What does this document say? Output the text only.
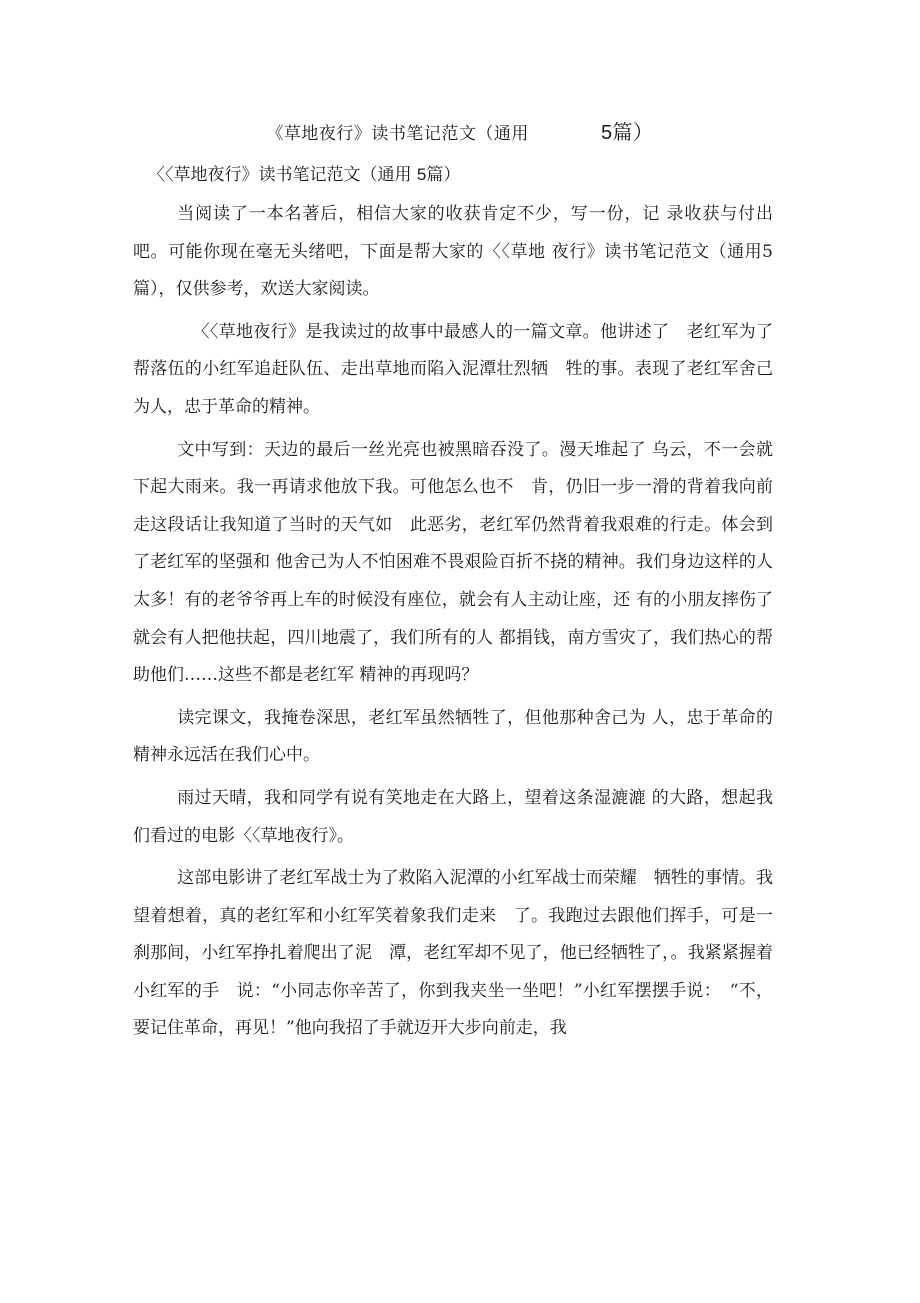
《草地夜行》读书笔记范文（通用	5篇）
〈〈草地夜行》读书笔记范文（通用 5篇）

当阅读了一本名著后，相信大家的收获肯定不少，写一份，记 录收获与付出吧。可能你现在毫无头绪吧，下面是帮大家的〈〈草地 夜行》读书笔记范文（通用5篇），仅供参考，欢送大家阅读。

〈〈草地夜行》是我读过的故事中最感人的一篇文章。他讲述了　老红军为了帮落伍的小红军追赶队伍、走出草地而陷入泥潭壮烈牺　牲的事。表现了老红军舍己为人，忠于革命的精神。

文中写到：天边的最后一丝光亮也被黑暗吞没了。漫天堆起了 乌云，不一会就下起大雨来。我一再请求他放下我。可他怎么也不　肯，仍旧一步一滑的背着我向前走这段话让我知道了当时的天气如　此恶劣，老红军仍然背着我艰难的行走。体会到了老红军的坚强和 他舍己为人不怕困难不畏艰险百折不挠的精神。我们身边这样的人　太多！有的老爷爷再上车的时候没有座位，就会有人主动让座，还 有的小朋友摔伤了就会有人把他扶起，四川地震了，我们所有的人 都捐钱，南方雪灾了，我们热心的帮助他们……这些不都是老红军 精神的再现吗？

读完课文，我掩卷深思，老红军虽然牺牲了，但他那种舍己为 人，忠于革命的精神永远活在我们心中。

雨过天晴，我和同学有说有笑地走在大路上，望着这条湿漉漉 的大路，想起我们看过的电影〈〈草地夜行》。

这部电影讲了老红军战士为了救陷入泥潭的小红军战士而荣耀　牺牲的事情。我望着想着，真的老红军和小红军笑着象我们走来　了。我跑过去跟他们挥手，可是一刹那间，小红军挣扎着爬出了泥　潭，老红军却不见了，他已经牺牲了，。我紧紧握着小红军的手　说：“小同志你辛苦了，你到我夹坐一坐吧！”小红军摆摆手说：　“不，要记住革命，再见！”他向我招了手就迈开大步向前走，我
